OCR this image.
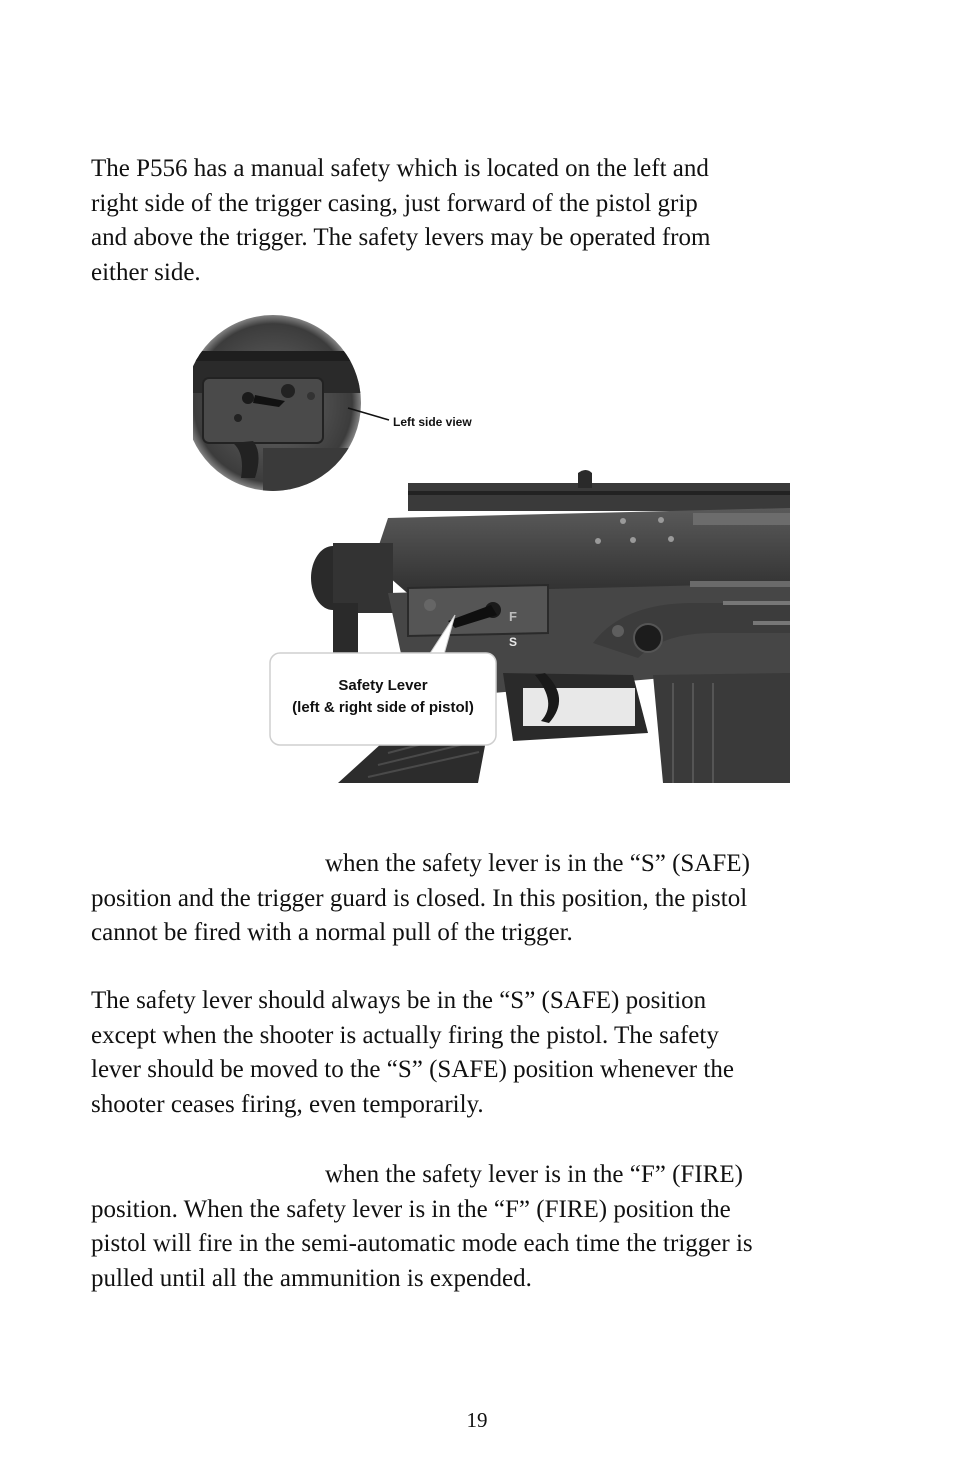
The P556 has a manual safety which is located on the left and
right side of the trigger casing, just forward of the pistol grip
and above the trigger. The safety levers may be operated from
either side.

Left side view
F
S
Safety Lever
(left & right side of pistol)

when the safety lever is in the “S” (SAFE)
position and the trigger guard is closed. In this position, the pistol
cannot be fired with a normal pull of the trigger.

The safety lever should always be in the “S” (SAFE) position
except when the shooter is actually firing the pistol. The safety
lever should be moved to the “S” (SAFE) position whenever the
shooter ceases firing, even temporarily.

when the safety lever is in the “F” (FIRE)
position. When the safety lever is in the “F” (FIRE) position the
pistol will fire in the semi-automatic mode each time the trigger is
pulled until all the ammunition is expended.

19
